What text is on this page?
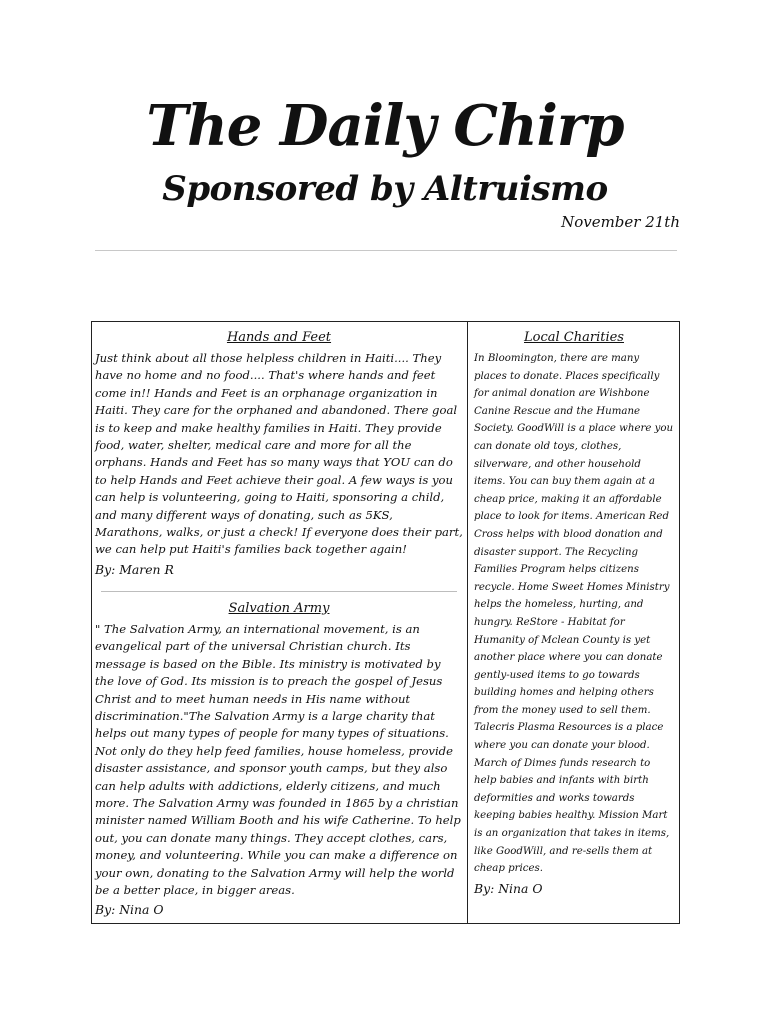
The Daily Chirp
Sponsored by Altruismo
November 21th
Hands and Feet

Just think about all those helpless children in Haiti.... They have no home and no food.... That's where hands and feet come in!! Hands and Feet is an orphanage organization in Haiti. They care for the orphaned and abandoned. There goal is to keep and make healthy families in Haiti. They provide food, water, shelter, medical care and more for all the orphans. Hands and Feet has so many ways that YOU can do to help Hands and Feet achieve their goal. A few ways is you can help is volunteering, going to Haiti, sponsoring a child, and many different ways of donating, such as 5KS, Marathons, walks, or just a check! If everyone does their part, we can help put Haiti's families back together again!

By: Maren R

Salvation Army

" The Salvation Army, an international movement, is an evangelical part of the universal Christian church. Its message is based on the Bible. Its ministry is motivated by the love of God. Its mission is to preach the gospel of Jesus Christ and to meet human needs in His name without discrimination."The Salvation Army is a large charity that helps out many types of people for many types of situations. Not only do they help feed families, house homeless, provide disaster assistance, and sponsor youth camps, but they also can help adults with addictions, elderly citizens, and much more. The Salvation Army was founded in 1865 by a christian minister named William Booth and his wife Catherine. To help out, you can donate many things. They accept clothes, cars, money, and volunteering. While you can make a difference on your own, donating to the Salvation Army will help the world be a better place, in bigger areas.

By: Nina O

Local Charities

In Bloomington, there are many places to donate. Places specifically for animal donation are Wishbone Canine Rescue and the Humane Society. GoodWill is a place where you can donate old toys, clothes, silverware, and other household items. You can buy them again at a cheap price, making it an affordable place to look for items. American Red Cross helps with blood donation and disaster support. The Recycling Families Program helps citizens recycle. Home Sweet Homes Ministry helps the homeless, hurting, and hungry. ReStore - Habitat for Humanity of Mclean County is yet another place where you can donate gently-used items to go towards building homes and helping others from the money used to sell them. Talecris Plasma Resources is a place where you can donate your blood. March of Dimes funds research to help babies and infants with birth deformities and works towards keeping babies healthy. Mission Mart is an organization that takes in items, like GoodWill, and re-sells them at cheap prices.

By: Nina O
